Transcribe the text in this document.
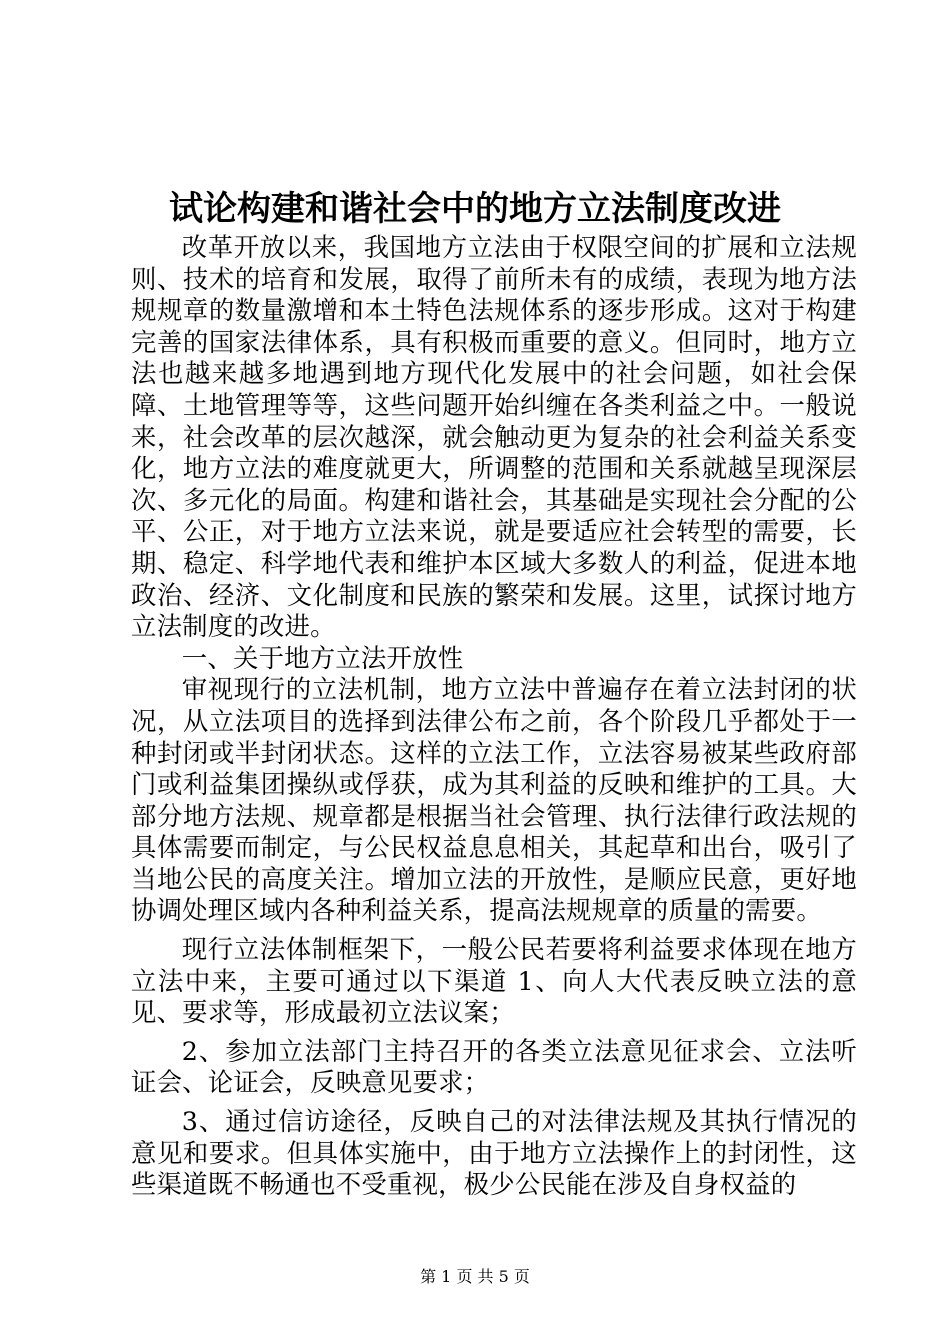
试论构建和谐社会中的地方立法制度改进

改革开放以来，我国地方立法由于权限空间的扩展和立法规则、技术的培育和发展，取得了前所未有的成绩，表现为地方法规规章的数量激增和本土特色法规体系的逐步形成。这对于构建完善的国家法律体系，具有积极而重要的意义。但同时，地方立法也越来越多地遇到地方现代化发展中的社会问题，如社会保障、土地管理等等，这些问题开始纠缠在各类利益之中。一般说来，社会改革的层次越深，就会触动更为复杂的社会利益关系变化，地方立法的难度就更大，所调整的范围和关系就越呈现深层次、多元化的局面。构建和谐社会，其基础是实现社会分配的公平、公正，对于地方立法来说，就是要适应社会转型的需要，长期、稳定、科学地代表和维护本区域大多数人的利益，促进本地政治、经济、文化制度和民族的繁荣和发展。这里，试探讨地方立法制度的改进。

一、关于地方立法开放性

审视现行的立法机制，地方立法中普遍存在着立法封闭的状况，从立法项目的选择到法律公布之前，各个阶段几乎都处于一种封闭或半封闭状态。这样的立法工作，立法容易被某些政府部门或利益集团操纵或俘获，成为其利益的反映和维护的工具。大部分地方法规、规章都是根据当社会管理、执行法律行政法规的具体需要而制定，与公民权益息息相关，其起草和出台，吸引了当地公民的高度关注。增加立法的开放性，是顺应民意，更好地协调处理区域内各种利益关系，提高法规规章的质量的需要。

现行立法体制框架下，一般公民若要将利益要求体现在地方立法中来，主要可通过以下渠道 1、向人大代表反映立法的意见、要求等，形成最初立法议案；

2、参加立法部门主持召开的各类立法意见征求会、立法听证会、论证会，反映意见要求；

3、通过信访途径，反映自己的对法律法规及其执行情况的意见和要求。但具体实施中，由于地方立法操作上的封闭性，这些渠道既不畅通也不受重视，极少公民能在涉及自身权益的

第 1 页 共 5 页
